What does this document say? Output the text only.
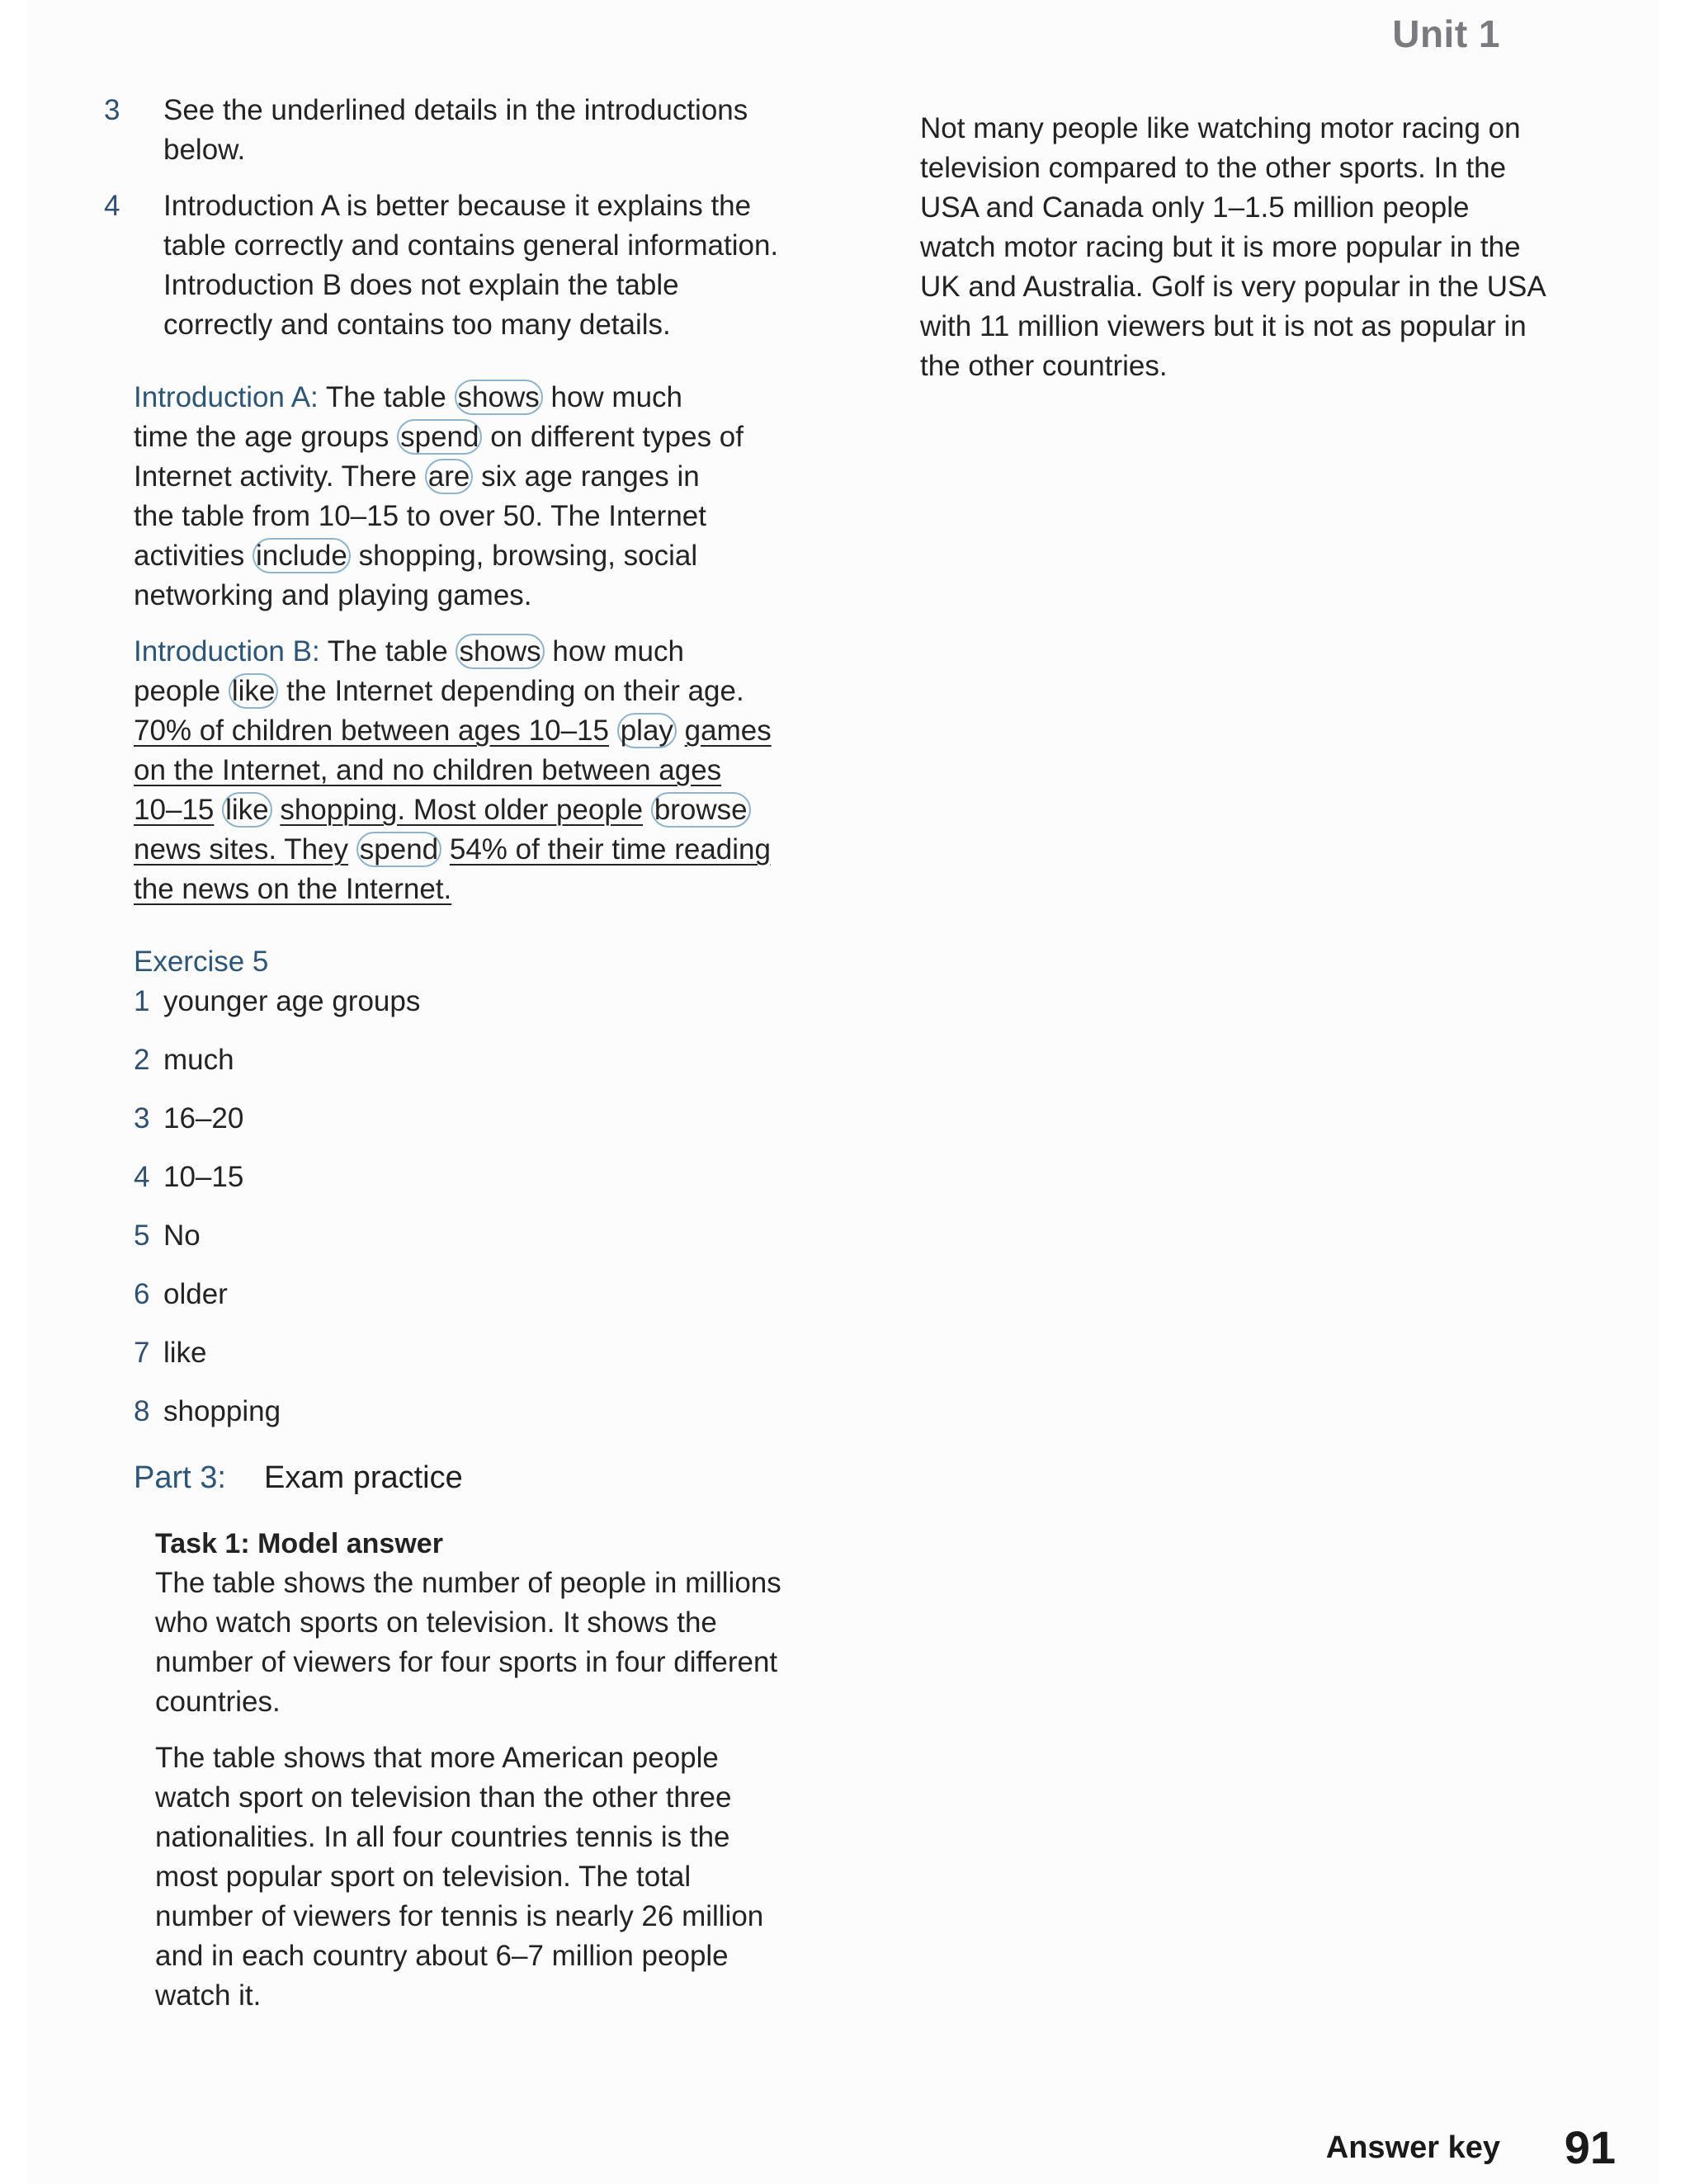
Unit 1
3 See the underlined details in the introductions below.
4 Introduction A is better because it explains the table correctly and contains general information. Introduction B does not explain the table correctly and contains too many details.

Introduction A: The table shows how much time the age groups spend on different types of Internet activity. There are six age ranges in the table from 10–15 to over 50. The Internet activities include shopping, browsing, social networking and playing games.

Introduction B: The table shows how much people like the Internet depending on their age. 70% of children between ages 10–15 play games on the Internet, and no children between ages 10–15 like shopping. Most older people browse news sites. They spend 54% of their time reading the news on the Internet.

Exercise 5
1 younger age groups
2 much
3 16–20
4 10–15
5 No
6 older
7 like
8 shopping
Part 3: Exam practice
Task 1: Model answer

The table shows the number of people in millions who watch sports on television. It shows the number of viewers for four sports in four different countries.

The table shows that more American people watch sport on television than the other three nationalities. In all four countries tennis is the most popular sport on television. The total number of viewers for tennis is nearly 26 million and in each country about 6–7 million people watch it.

Not many people like watching motor racing on television compared to the other sports. In the USA and Canada only 1–1.5 million people watch motor racing but it is more popular in the UK and Australia. Golf is very popular in the USA with 11 million viewers but it is not as popular in the other countries.

Answer key 91
